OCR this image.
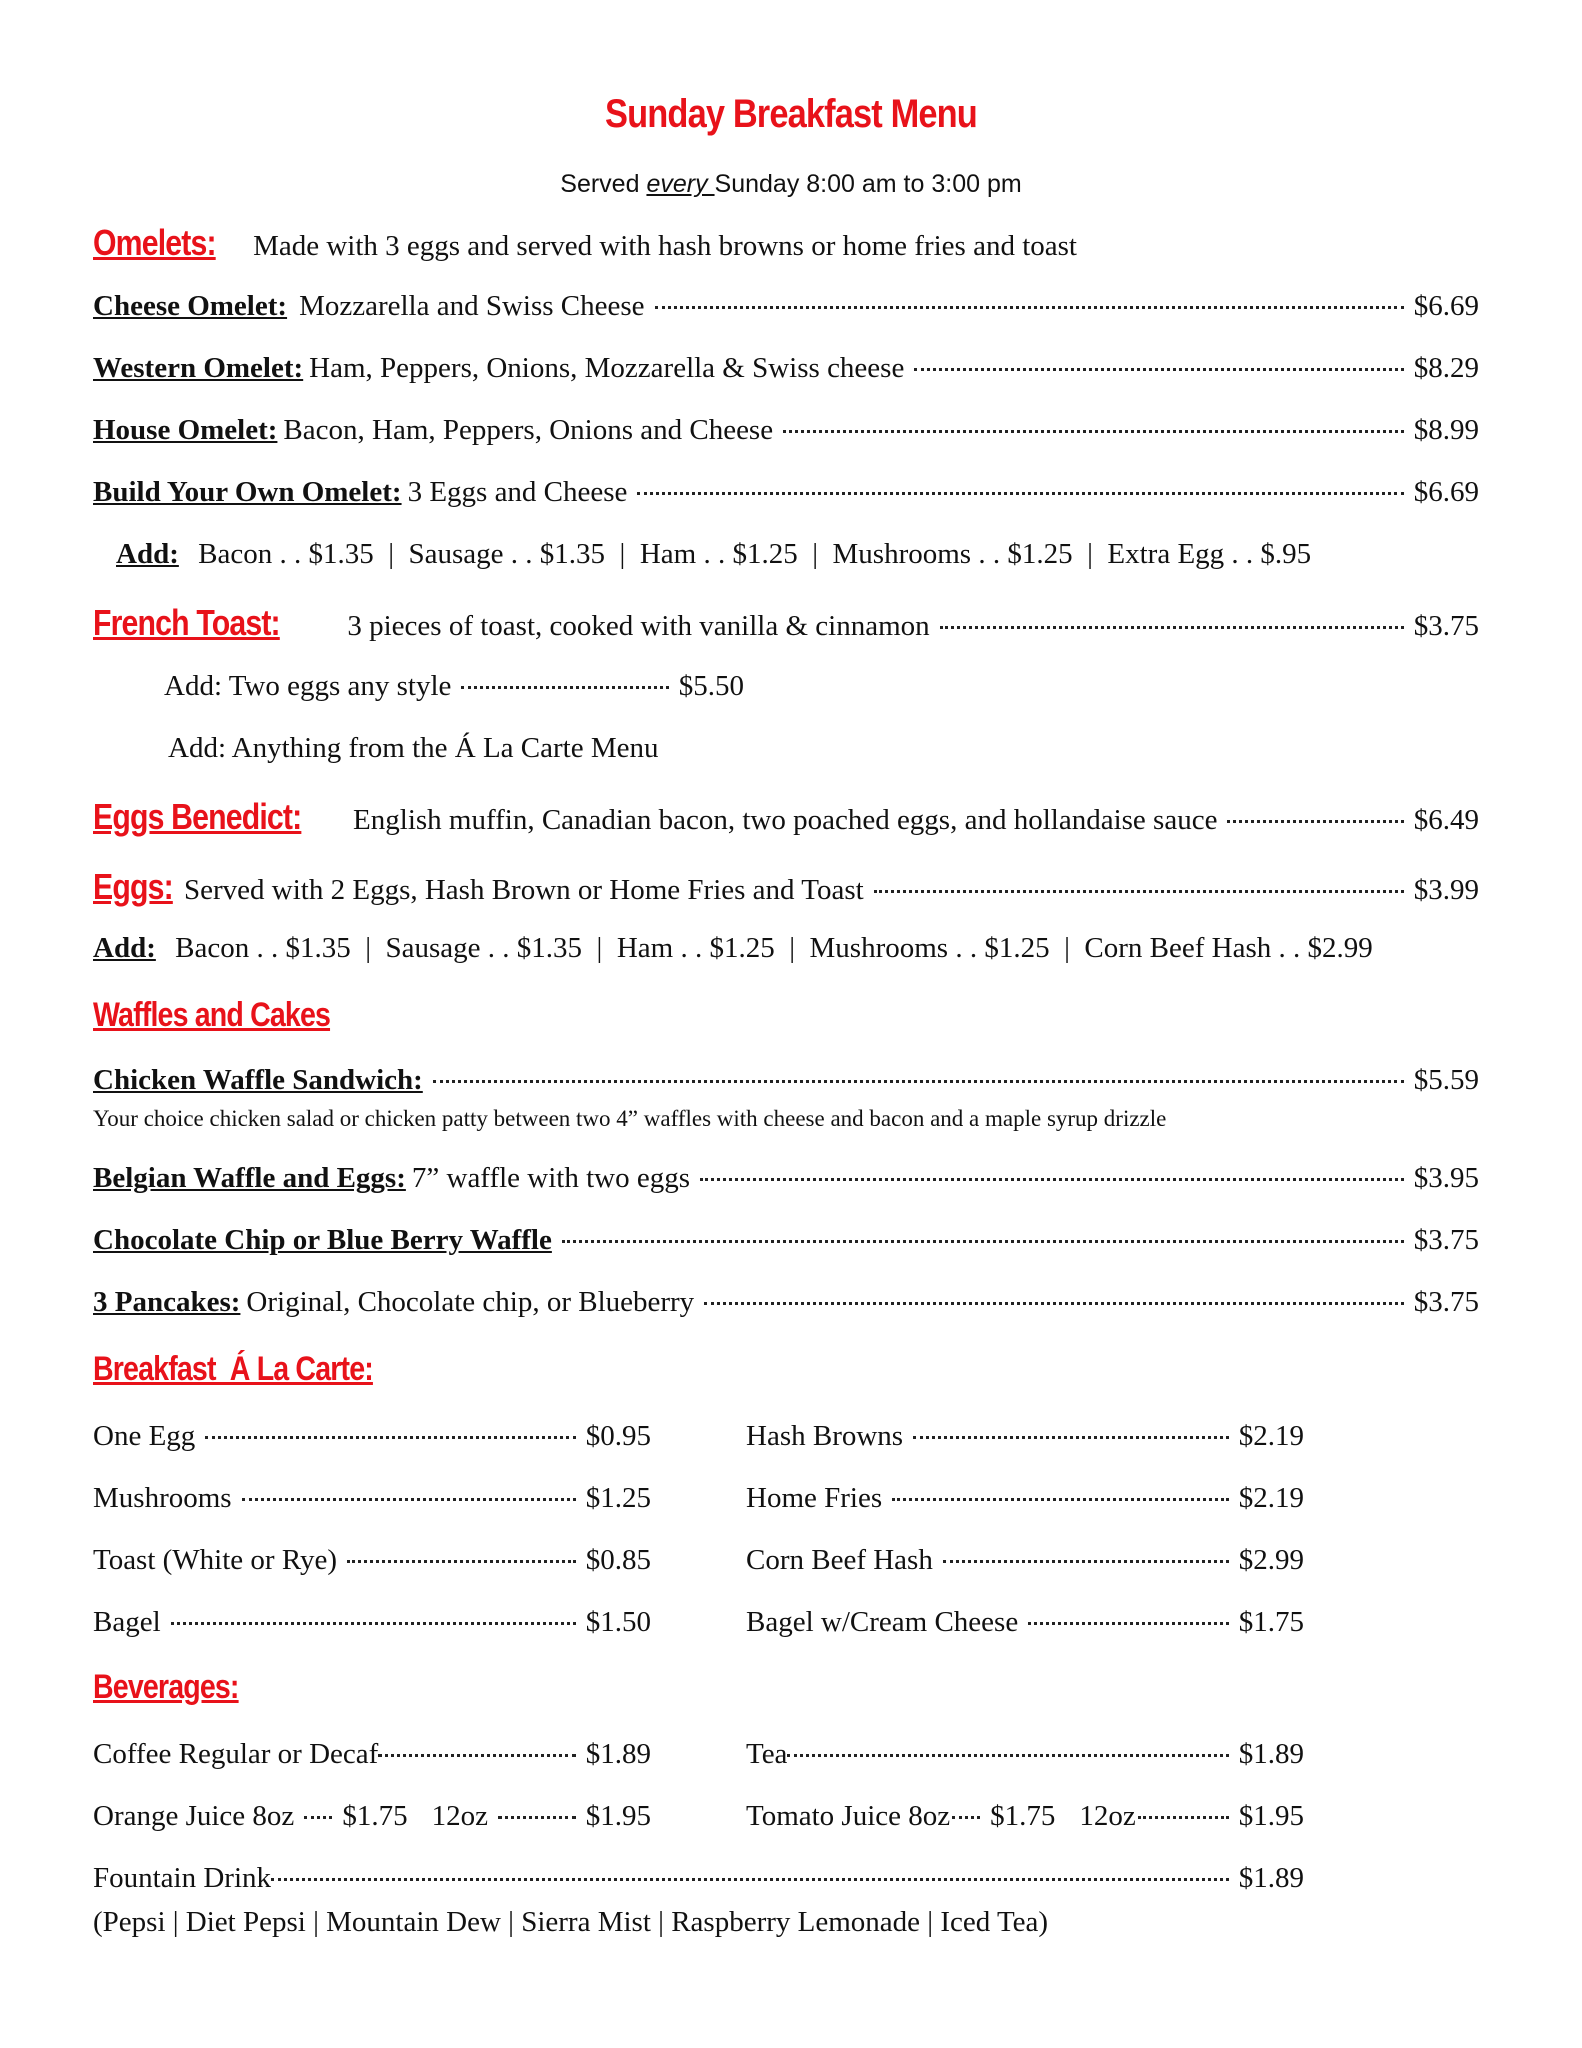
Sunday Breakfast Menu
Served every Sunday 8:00 am to 3:00 pm
Omelets: Made with 3 eggs and served with hash browns or home fries and toast
Cheese Omelet: Mozzarella and Swiss Cheese	$6.69
Western Omelet: Ham, Peppers, Onions, Mozzarella & Swiss cheese	$8.29
House Omelet: Bacon, Ham, Peppers, Onions and Cheese	$8.99
Build Your Own Omelet: 3 Eggs and Cheese	$6.69
Add: Bacon . . $1.35  |  Sausage . . $1.35  |  Ham . . $1.25  |  Mushrooms . . $1.25  |  Extra Egg . . $.95
French Toast: 3 pieces of toast, cooked with vanilla & cinnamon	$3.75
Add: Two eggs any style	$5.50
Add: Anything from the Á La Carte Menu
Eggs Benedict: English muffin, Canadian bacon, two poached eggs, and hollandaise sauce	$6.49
Eggs: Served with 2 Eggs, Hash Brown or Home Fries and Toast	$3.99
Add: Bacon . . $1.35  |  Sausage . . $1.35  |  Ham . . $1.25  |  Mushrooms . . $1.25  |  Corn Beef Hash . . $2.99
Waffles and Cakes
Chicken Waffle Sandwich:	$5.59
Your choice chicken salad or chicken patty between two 4” waffles with cheese and bacon and a maple syrup drizzle
Belgian Waffle and Eggs: 7” waffle with two eggs	$3.95
Chocolate Chip or Blue Berry Waffle	$3.75
3 Pancakes: Original, Chocolate chip, or Blueberry	$3.75
Breakfast  Á La Carte:
One Egg	$0.95
Mushrooms	$1.25
Toast (White or Rye)	$0.85
Bagel	$1.50
Hash Browns	$2.19
Home Fries	$2.19
Corn Beef Hash	$2.99
Bagel w/Cream Cheese	$1.75
Beverages:
Coffee Regular or Decaf	$1.89	Tea	$1.89
Orange Juice 8oz $1.75 12oz	$1.95	Tomato Juice 8oz $1.75 12oz	$1.95
Fountain Drink	$1.89
(Pepsi | Diet Pepsi | Mountain Dew | Sierra Mist | Raspberry Lemonade | Iced Tea)
